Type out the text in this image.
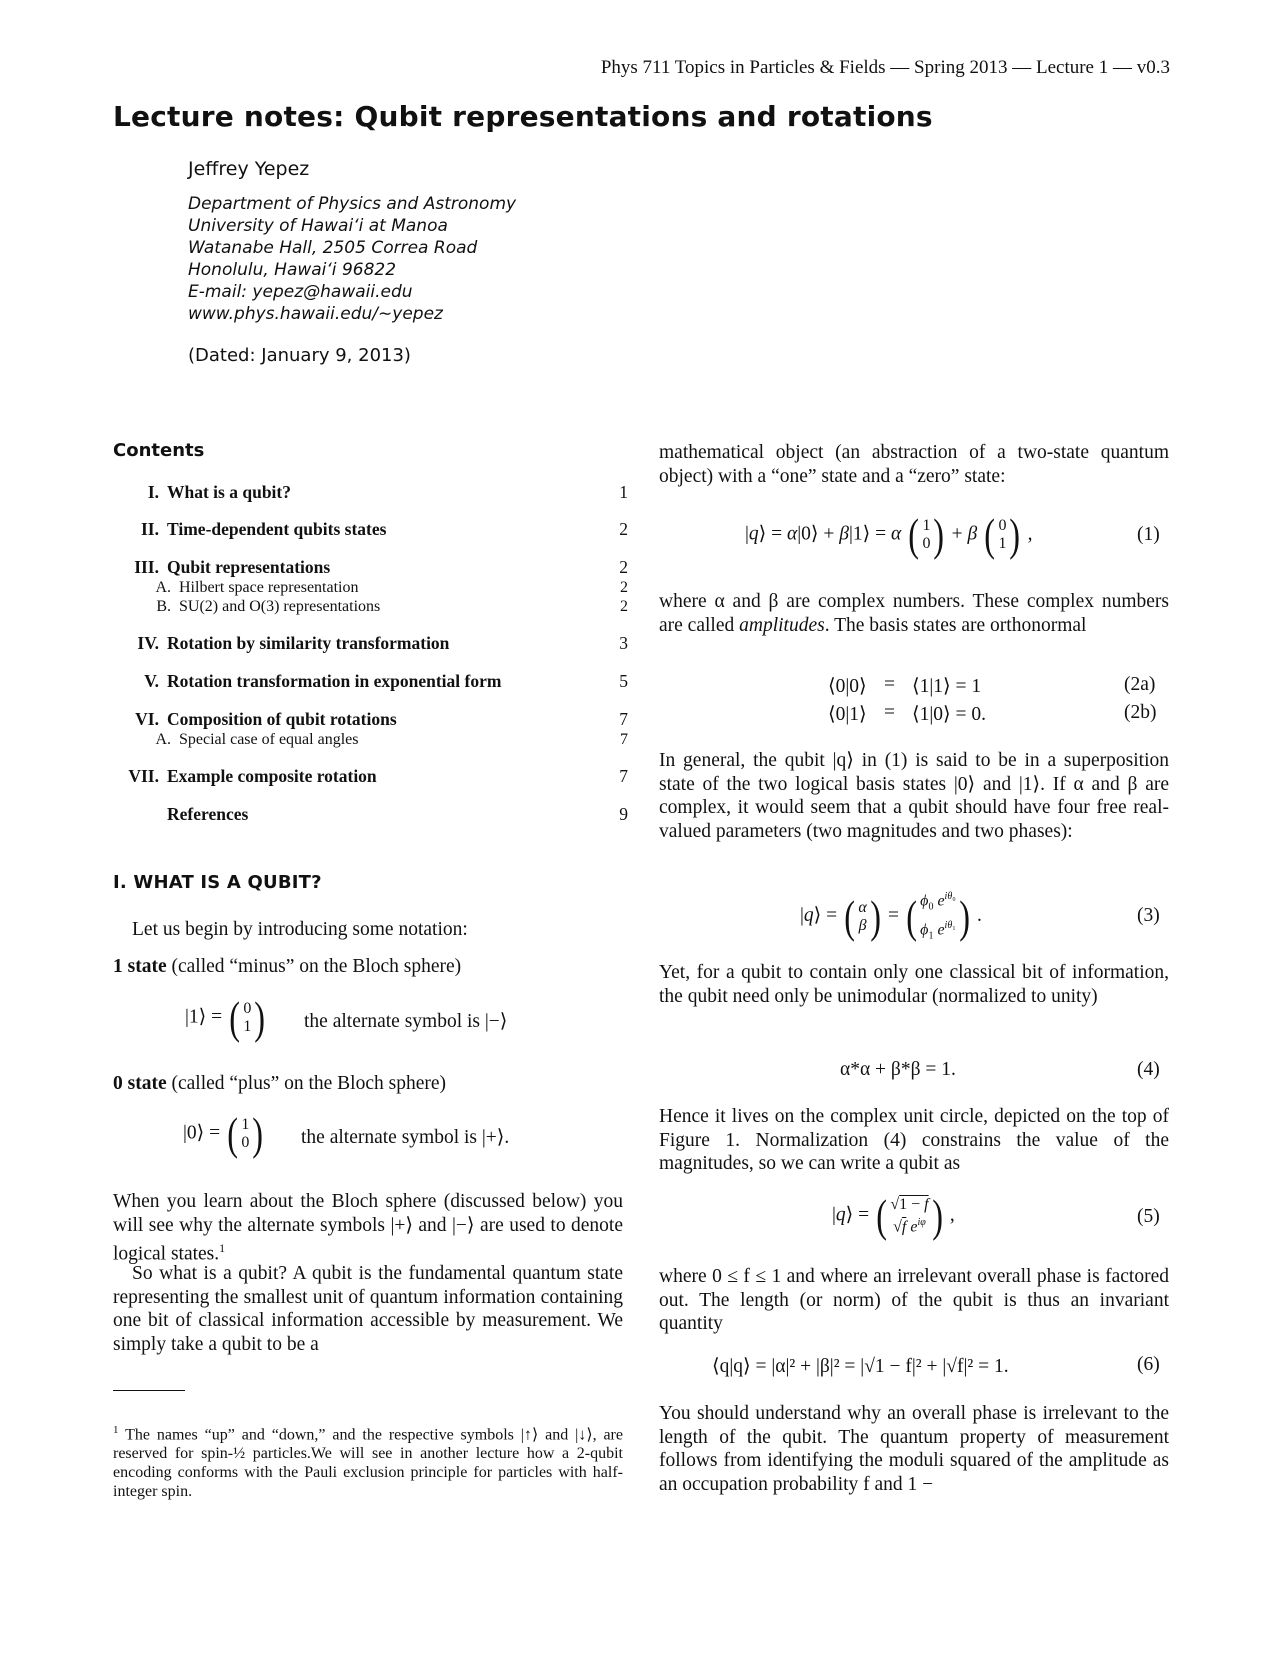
Phys 711 Topics in Particles & Fields — Spring 2013 — Lecture 1 — v0.3
Lecture notes: Qubit representations and rotations
Jeffrey Yepez
Department of Physics and Astronomy
University of Hawai‘i at Manoa
Watanabe Hall, 2505 Correa Road
Honolulu, Hawai‘i 96822
E-mail: yepez@hawaii.edu
www.phys.hawaii.edu/∼yepez
(Dated: January 9, 2013)
Contents
I. What is a qubit?	1
II. Time-dependent qubits states	2
III. Qubit representations	2
A. Hilbert space representation	2
B. SU(2) and O(3) representations	2
IV. Rotation by similarity transformation	3
V. Rotation transformation in exponential form	5
VI. Composition of qubit rotations	7
A. Special case of equal angles	7
VII. Example composite rotation	7
References	9
I. WHAT IS A QUBIT?
Let us begin by introducing some notation:
1 state (called “minus” on the Bloch sphere)
|1⟩ = ( 0
1 ) the alternate symbol is |−⟩
0 state (called “plus” on the Bloch sphere)
|0⟩ = ( 1
0 ) the alternate symbol is |+⟩.
When you learn about the Bloch sphere (discussed below) you will see why the alternate symbols |+⟩ and |−⟩ are used to denote logical states.$^1$
So what is a qubit? A qubit is the fundamental quantum state representing the smallest unit of quantum information containing one bit of classical information accessible by measurement. We simply take a qubit to be a
$^1$ The names “up” and “down,” and the respective symbols |↑⟩ and |↓⟩, are reserved for spin-½ particles.We will see in another lecture how a 2-qubit encoding conforms with the Pauli exclusion principle for particles with half-integer spin.
mathematical object (an abstraction of a two-state quantum object) with a “one” state and a “zero” state:
|q⟩ = α|0⟩ + β|1⟩ = α ( 1
0 ) + β ( 0
1 ) ,	(1)
where α and β are complex numbers. These complex numbers are called amplitudes. The basis states are orthonormal
⟨0|0⟩ = ⟨1|1⟩ = 1	(2a)
⟨0|1⟩ = ⟨1|0⟩ = 0.	(2b)
In general, the qubit |q⟩ in (1) is said to be in a superposition state of the two logical basis states |0⟩ and |1⟩. If α and β are complex, it would seem that a qubit should have four free real-valued parameters (two magnitudes and two phases):
|q⟩ = ( α
β ) = ( $\phi_0$ $e^{i\theta_0}$
$\phi_1$ $e^{i\theta_1}$ ) .	(3)
Yet, for a qubit to contain only one classical bit of information, the qubit need only be unimodular (normalized to unity)
α*α + β*β = 1.	(4)
Hence it lives on the complex unit circle, depicted on the top of Figure 1. Normalization (4) constrains the value of the magnitudes, so we can write a qubit as
|q⟩ = ( √1 − f
√f $e^{i\varphi}$ ) ,	(5)
where 0 ≤ f ≤ 1 and where an irrelevant overall phase is factored out. The length (or norm) of the qubit is thus an invariant quantity
⟨q|q⟩ = |α|² + |β|² = |√1 − f|² + |√f|² = 1.	(6)
You should understand why an overall phase is irrelevant to the length of the qubit. The quantum property of measurement follows from identifying the moduli squared of the amplitude as an occupation probability f and 1 −
